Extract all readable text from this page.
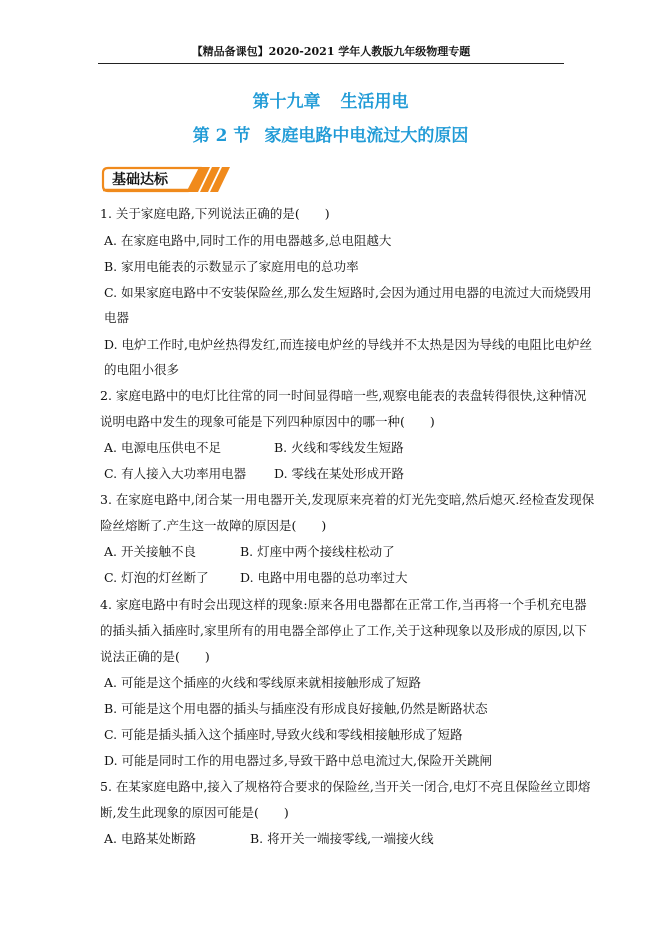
【精品备课包】2020-2021 学年人教版九年级物理专题
第十九章 生活用电
第 2 节 家庭电路中电流过大的原因
基础达标
1. 关于家庭电路,下列说法正确的是(　　)
A. 在家庭电路中,同时工作的用电器越多,总电阻越大
B. 家用电能表的示数显示了家庭用电的总功率
C. 如果家庭电路中不安装保险丝,那么发生短路时,会因为通过用电器的电流过大而烧毁用
电器
D. 电炉工作时,电炉丝热得发红,而连接电炉丝的导线并不太热是因为导线的电阻比电炉丝
的电阻小很多
2. 家庭电路中的电灯比往常的同一时间显得暗一些,观察电能表的表盘转得很快,这种情况
说明电路中发生的现象可能是下列四种原因中的哪一种(　　)
A. 电源电压供电不足	B. 火线和零线发生短路
C. 有人接入大功率用电器 D. 零线在某处形成开路
3. 在家庭电路中,闭合某一用电器开关,发现原来亮着的灯光先变暗,然后熄灭.经检查发现保
险丝熔断了.产生这一故障的原因是(　　)
A. 开关接触不良	B. 灯座中两个接线柱松动了
C. 灯泡的灯丝断了	D. 电路中用电器的总功率过大
4. 家庭电路中有时会出现这样的现象:原来各用电器都在正常工作,当再将一个手机充电器
的插头插入插座时,家里所有的用电器全部停止了工作,关于这种现象以及形成的原因,以下
说法正确的是(　　)
A. 可能是这个插座的火线和零线原来就相接触形成了短路
B. 可能是这个用电器的插头与插座没有形成良好接触,仍然是断路状态
C. 可能是插头插入这个插座时,导致火线和零线相接触形成了短路
D. 可能是同时工作的用电器过多,导致干路中总电流过大,保险开关跳闸
5. 在某家庭电路中,接入了规格符合要求的保险丝,当开关一闭合,电灯不亮且保险丝立即熔
断,发生此现象的原因可能是(　　)
A. 电路某处断路	B. 将开关一端接零线,一端接火线
